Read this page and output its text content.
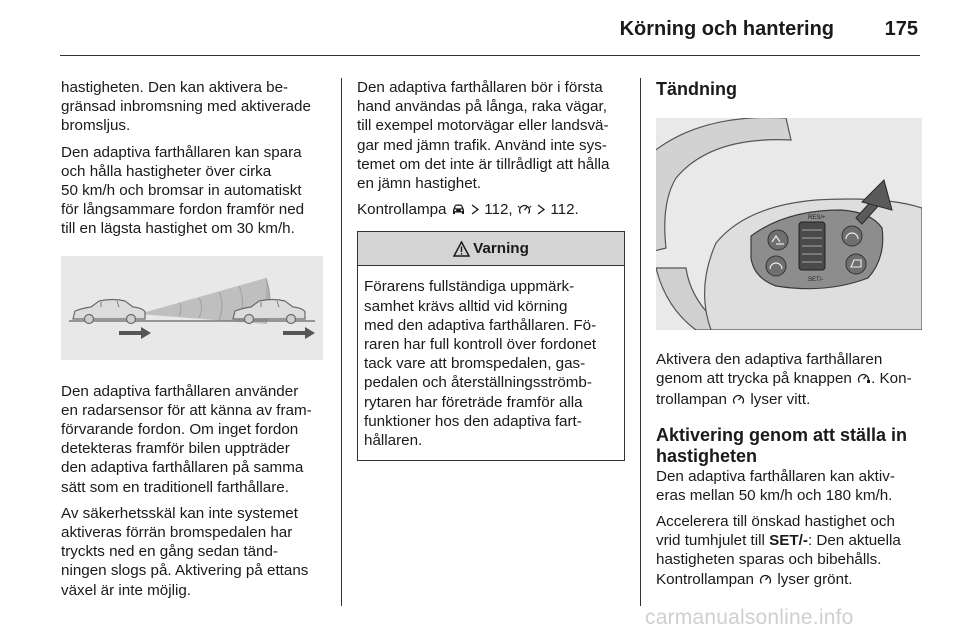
Körning och hantering	175

hastigheten. Den kan aktivera be-
gränsad inbromsning med aktiverade
bromsljus.

Den adaptiva farthållaren kan spara
och hålla hastigheter över cirka
50 km/h och bromsar in automatiskt
för långsammare fordon framför ned
till en lägsta hastighet om 30 km/h.

Den adaptiva farthållaren använder
en radarsensor för att känna av fram-
förvarande fordon. Om inget fordon
detekteras framför bilen uppträder
den adaptiva farthållaren på samma
sätt som en traditionell farthållare.

Av säkerhetsskäl kan inte systemet
aktiveras förrän bromspedalen har
tryckts ned en gång sedan tänd-
ningen slogs på. Aktivering på ettans
växel är inte möjlig.

Den adaptiva farthållaren bör i första
hand användas på långa, raka vägar,
till exempel motorvägar eller landsvä-
gar med jämn trafik. Använd inte sys-
temet om det inte är tillrådligt att hålla
en jämn hastighet.

Kontrollampa 112, 112.

Varning
Förarens fullständiga uppmärk-
samhet krävs alltid vid körning
med den adaptiva farthållaren. Fö-
raren har full kontroll över fordonet
tack vare att bromspedalen, gas-
pedalen och återställningsströmb-
rytaren har företräde framför alla
funktioner hos den adaptiva fart-
hållaren.
Tändning
RES/+
SET/-

Aktivera den adaptiva farthållaren
genom att trycka på knappen . Kon-
trollampan  lyser vitt.

Aktivering genom att ställa in
hastigheten

Den adaptiva farthållaren kan aktiv-
eras mellan 50 km/h och 180 km/h.

Accelerera till önskad hastighet och
vrid tumhjulet till SET/-: Den aktuella
hastigheten sparas och bibehålls.
Kontrollampan  lyser grönt.

carmanualsonline.info
